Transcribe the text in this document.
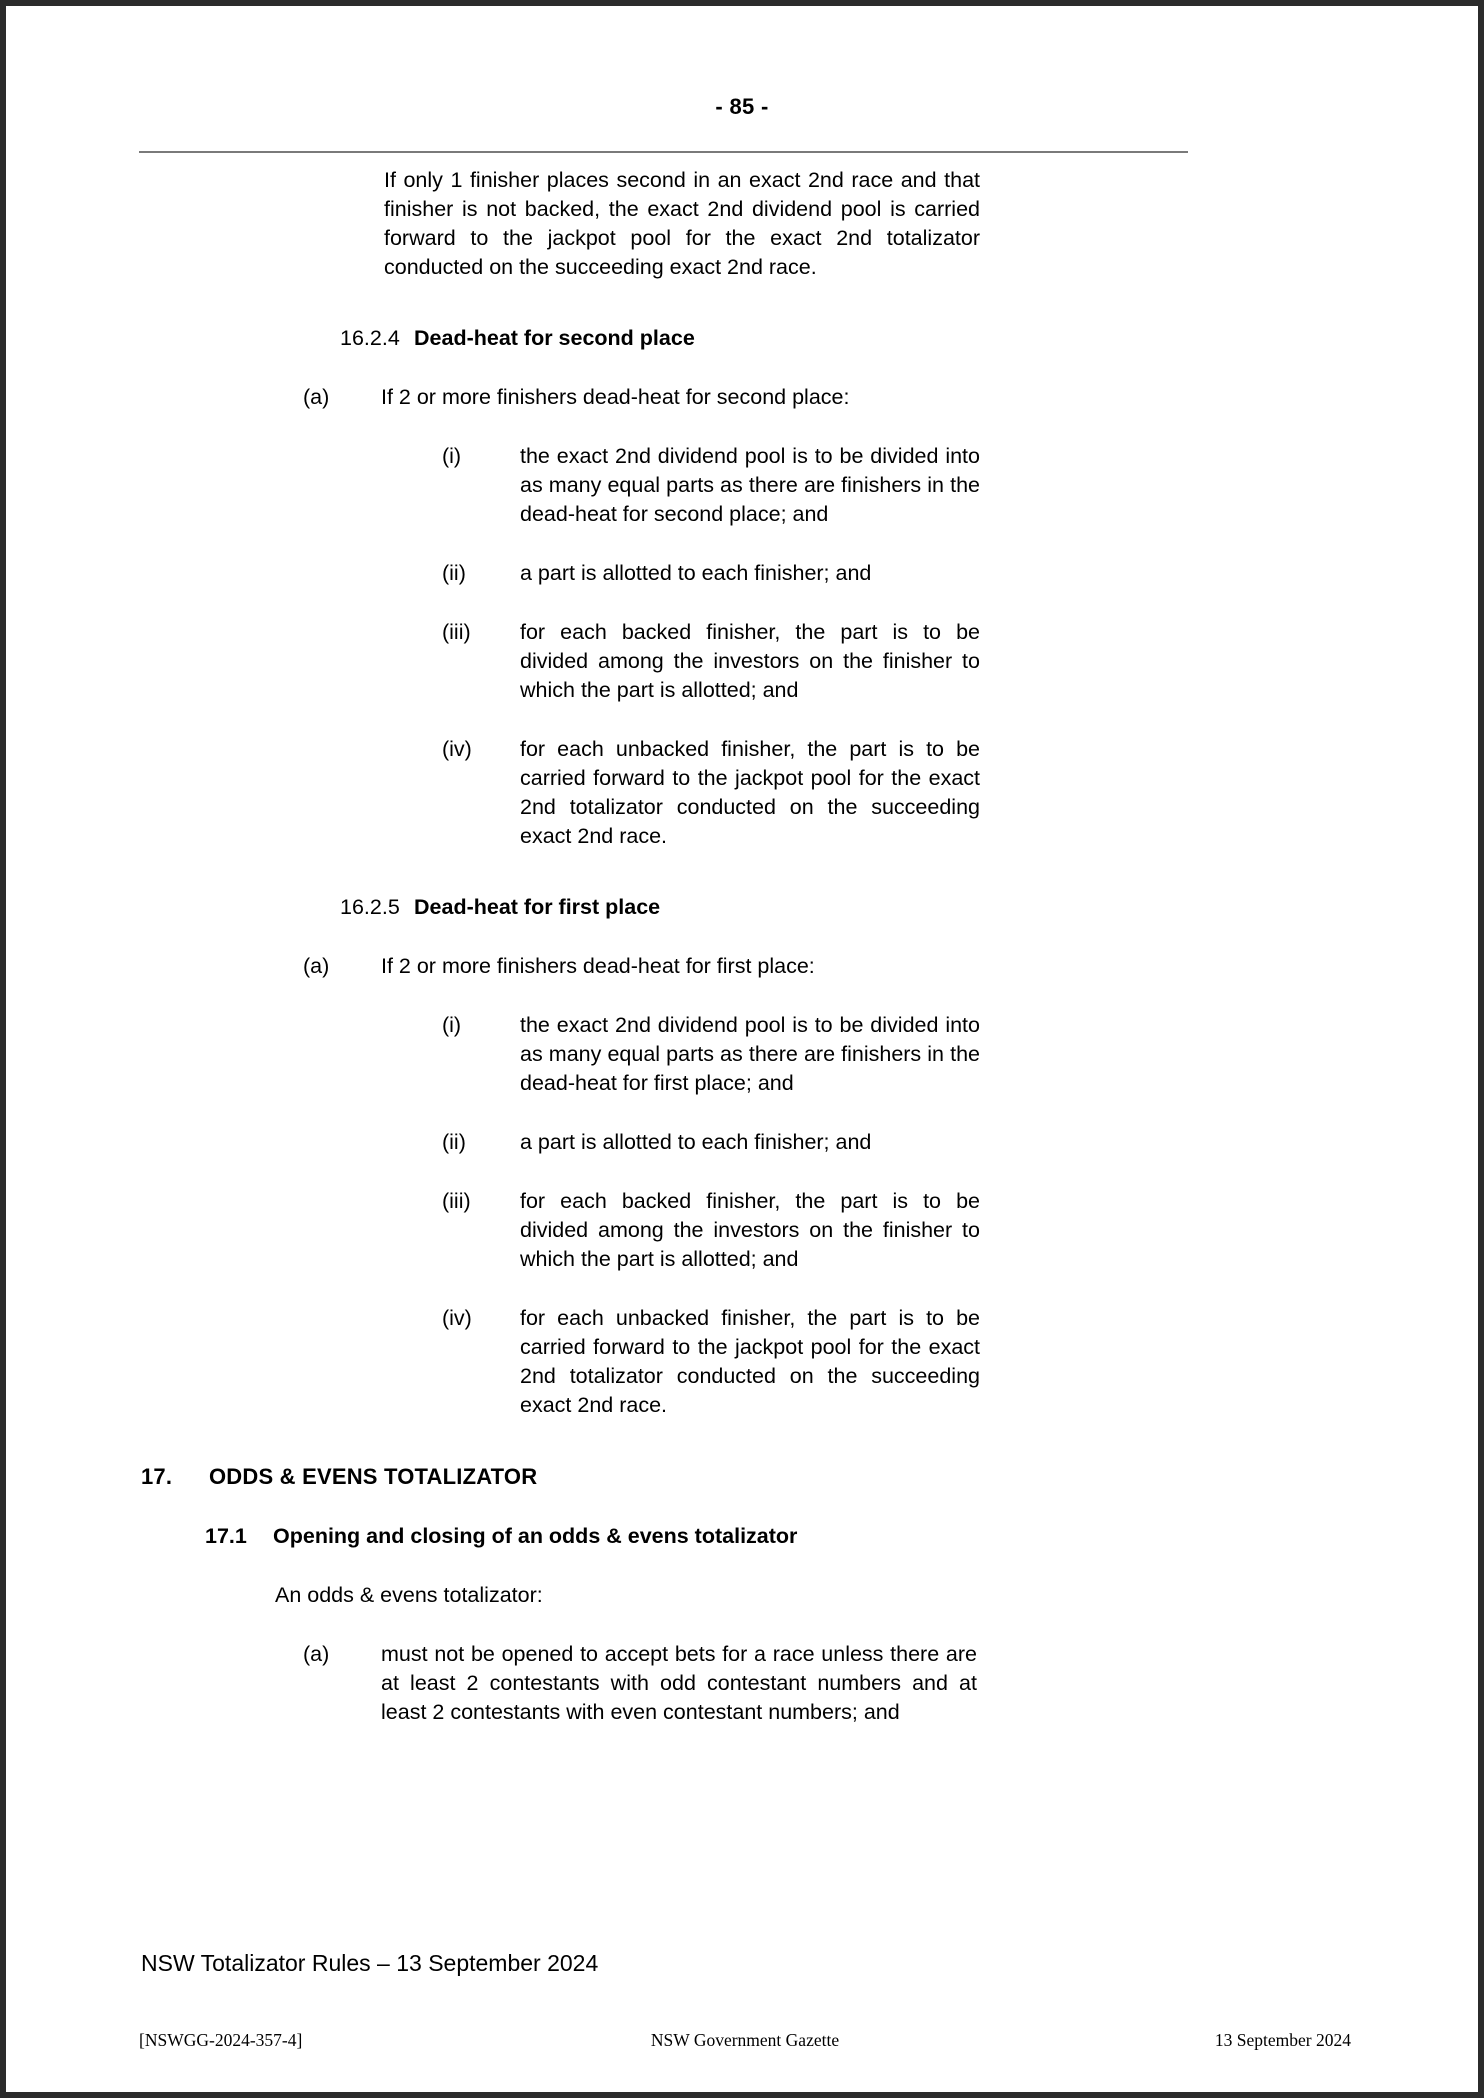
- 85 -
If only 1 finisher places second in an exact 2nd race and that finisher is not backed, the exact 2nd dividend pool is carried forward to the jackpot pool for the exact 2nd totalizator conducted on the succeeding exact 2nd race.
16.2.4 Dead-heat for second place
(a)	If 2 or more finishers dead-heat for second place:
(i)	the exact 2nd dividend pool is to be divided into as many equal parts as there are finishers in the dead-heat for second place; and
(ii)	a part is allotted to each finisher; and
(iii)	for each backed finisher, the part is to be divided among the investors on the finisher to which the part is allotted; and
(iv)	for each unbacked finisher, the part is to be carried forward to the jackpot pool for the exact 2nd totalizator conducted on the succeeding exact 2nd race.
16.2.5 Dead-heat for first place
(a)	If 2 or more finishers dead-heat for first place:
(i)	the exact 2nd dividend pool is to be divided into as many equal parts as there are finishers in the dead-heat for first place; and
(ii)	a part is allotted to each finisher; and
(iii)	for each backed finisher, the part is to be divided among the investors on the finisher to which the part is allotted; and
(iv)	for each unbacked finisher, the part is to be carried forward to the jackpot pool for the exact 2nd totalizator conducted on the succeeding exact 2nd race.
17.	ODDS & EVENS TOTALIZATOR
17.1	Opening and closing of an odds & evens totalizator
An odds & evens totalizator:
(a)	must not be opened to accept bets for a race unless there are at least 2 contestants with odd contestant numbers and at least 2 contestants with even contestant numbers; and
NSW Totalizator Rules – 13 September 2024
[NSWGG-2024-357-4]	NSW Government Gazette	13 September 2024
